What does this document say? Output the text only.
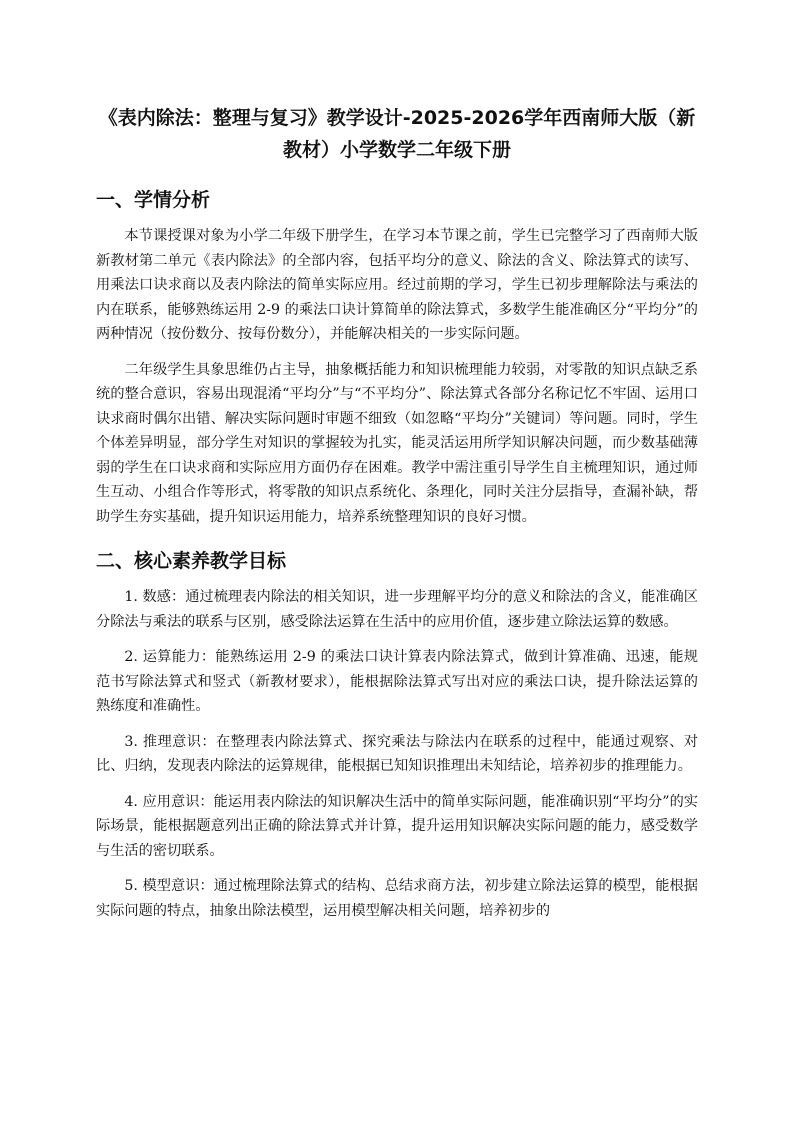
《表内除法：整理与复习》教学设计-2025-2026学年西南师大版（新教材）小学数学二年级下册
一、学情分析

本节课授课对象为小学二年级下册学生，在学习本节课之前，学生已完整学习了西南师大版新教材第二单元《表内除法》的全部内容，包括平均分的意义、除法的含义、除法算式的读写、用乘法口诀求商以及表内除法的简单实际应用。经过前期的学习，学生已初步理解除法与乘法的内在联系，能够熟练运用 2-9 的乘法口诀计算简单的除法算式，多数学生能准确区分“平均分”的两种情况（按份数分、按每份数分），并能解决相关的一步实际问题。

二年级学生具象思维仍占主导，抽象概括能力和知识梳理能力较弱，对零散的知识点缺乏系统的整合意识，容易出现混淆“平均分”与“不平均分”、除法算式各部分名称记忆不牢固、运用口诀求商时偶尔出错、解决实际问题时审题不细致（如忽略“平均分”关键词）等问题。同时，学生个体差异明显，部分学生对知识的掌握较为扎实，能灵活运用所学知识解决问题，而少数基础薄弱的学生在口诀求商和实际应用方面仍存在困难。教学中需注重引导学生自主梳理知识，通过师生互动、小组合作等形式，将零散的知识点系统化、条理化，同时关注分层指导，查漏补缺，帮助学生夯实基础，提升知识运用能力，培养系统整理知识的良好习惯。

二、核心素养教学目标

1. 数感：通过梳理表内除法的相关知识，进一步理解平均分的意义和除法的含义，能准确区分除法与乘法的联系与区别，感受除法运算在生活中的应用价值，逐步建立除法运算的数感。

2. 运算能力：能熟练运用 2-9 的乘法口诀计算表内除法算式，做到计算准确、迅速，能规范书写除法算式和竖式（新教材要求），能根据除法算式写出对应的乘法口诀，提升除法运算的熟练度和准确性。

3. 推理意识：在整理表内除法算式、探究乘法与除法内在联系的过程中，能通过观察、对比、归纳，发现表内除法的运算规律，能根据已知知识推理出未知结论，培养初步的推理能力。

4. 应用意识：能运用表内除法的知识解决生活中的简单实际问题，能准确识别“平均分”的实际场景，能根据题意列出正确的除法算式并计算，提升运用知识解决实际问题的能力，感受数学与生活的密切联系。

5. 模型意识：通过梳理除法算式的结构、总结求商方法，初步建立除法运算的模型，能根据实际问题的特点，抽象出除法模型，运用模型解决相关问题，培养初步的
